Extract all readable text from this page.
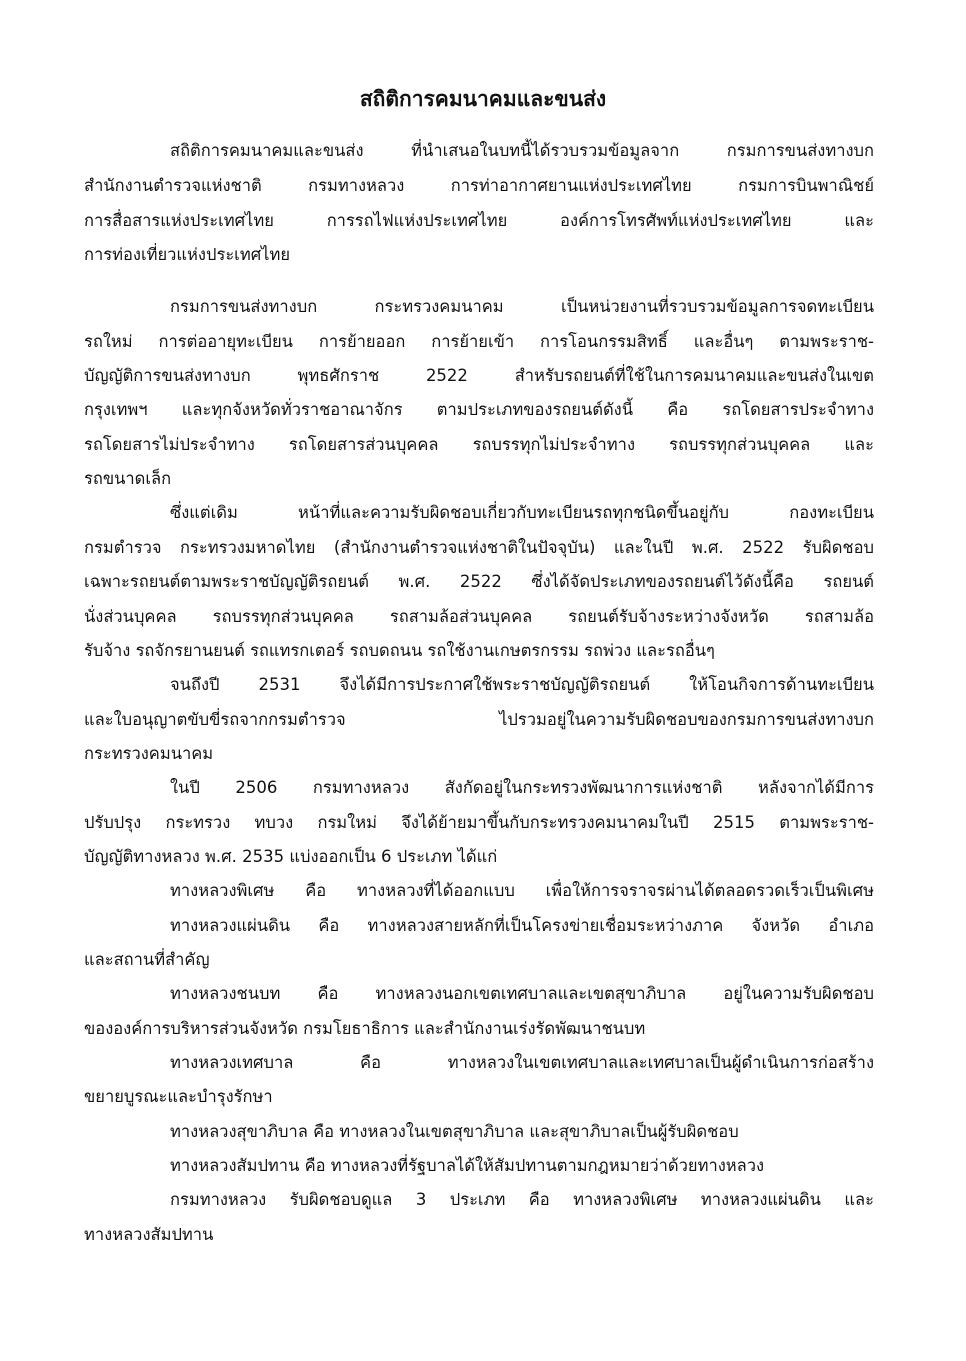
สถิติการคมนาคมและขนส่ง
สถิติการคมนาคมและขนส่ง ที่นำเสนอในบทนี้ได้รวบรวมข้อมูลจาก กรมการขนส่งทางบก
สำนักงานตำรวจแห่งชาติ กรมทางหลวง การท่าอากาศยานแห่งประเทศไทย กรมการบินพาณิชย์
การสื่อสารแห่งประเทศไทย การรถไฟแห่งประเทศไทย องค์การโทรศัพท์แห่งประเทศไทย และ
การท่องเที่ยวแห่งประเทศไทย
กรมการขนส่งทางบก กระทรวงคมนาคม เป็นหน่วยงานที่รวบรวมข้อมูลการจดทะเบียน
รถใหม่ การต่ออายุทะเบียน การย้ายออก การย้ายเข้า การโอนกรรมสิทธิ์ และอื่นๆ ตามพระราช-
บัญญัติการขนส่งทางบก พุทธศักราช 2522 สำหรับรถยนต์ที่ใช้ในการคมนาคมและขนส่งในเขต
กรุงเทพฯ และทุกจังหวัดทั่วราชอาณาจักร ตามประเภทของรถยนต์ดังนี้ คือ รถโดยสารประจำทาง
รถโดยสารไม่ประจำทาง รถโดยสารส่วนบุคคล รถบรรทุกไม่ประจำทาง รถบรรทุกส่วนบุคคล และ
รถขนาดเล็ก
ซึ่งแต่เดิม หน้าที่และความรับผิดชอบเกี่ยวกับทะเบียนรถทุกชนิดขึ้นอยู่กับ กองทะเบียน
กรมตำรวจ กระทรวงมหาดไทย (สำนักงานตำรวจแห่งชาติในปัจจุบัน) และในปี พ.ศ. 2522 รับผิดชอบ
เฉพาะรถยนต์ตามพระราชบัญญัติรถยนต์ พ.ศ. 2522 ซึ่งได้จัดประเภทของรถยนต์ไว้ดังนี้คือ รถยนต์
นั่งส่วนบุคคล รถบรรทุกส่วนบุคคล รถสามล้อส่วนบุคคล รถยนต์รับจ้างระหว่างจังหวัด รถสามล้อ
รับจ้าง รถจักรยานยนต์ รถแทรกเตอร์ รถบดถนน รถใช้งานเกษตรกรรม รถพ่วง และรถอื่นๆ
จนถึงปี 2531 จึงได้มีการประกาศใช้พระราชบัญญัติรถยนต์ ให้โอนกิจการด้านทะเบียน
และใบอนุญาตขับขี่รถจากกรมตำรวจ ไปรวมอยู่ในความรับผิดชอบของกรมการขนส่งทางบก
กระทรวงคมนาคม
ในปี 2506 กรมทางหลวง สังกัดอยู่ในกระทรวงพัฒนาการแห่งชาติ หลังจากได้มีการ
ปรับปรุง กระทรวง ทบวง กรมใหม่ จึงได้ย้ายมาขึ้นกับกระทรวงคมนาคมในปี 2515 ตามพระราช-
บัญญัติทางหลวง พ.ศ. 2535 แบ่งออกเป็น 6 ประเภท ได้แก่
ทางหลวงพิเศษ คือ ทางหลวงที่ได้ออกแบบ เพื่อให้การจราจรผ่านได้ตลอดรวดเร็วเป็นพิเศษ
ทางหลวงแผ่นดิน คือ ทางหลวงสายหลักที่เป็นโครงข่ายเชื่อมระหว่างภาค จังหวัด อำเภอ
และสถานที่สำคัญ
ทางหลวงชนบท คือ ทางหลวงนอกเขตเทศบาลและเขตสุขาภิบาล อยู่ในความรับผิดชอบ
ขององค์การบริหารส่วนจังหวัด กรมโยธาธิการ และสำนักงานเร่งรัดพัฒนาชนบท
ทางหลวงเทศบาล คือ ทางหลวงในเขตเทศบาลและเทศบาลเป็นผู้ดำเนินการก่อสร้าง
ขยายบูรณะและบำรุงรักษา
ทางหลวงสุขาภิบาล คือ ทางหลวงในเขตสุขาภิบาล และสุขาภิบาลเป็นผู้รับผิดชอบ
ทางหลวงสัมปทาน คือ ทางหลวงที่รัฐบาลได้ให้สัมปทานตามกฎหมายว่าด้วยทางหลวง
กรมทางหลวง รับผิดชอบดูแล 3 ประเภท คือ ทางหลวงพิเศษ ทางหลวงแผ่นดิน และ
ทางหลวงสัมปทาน
